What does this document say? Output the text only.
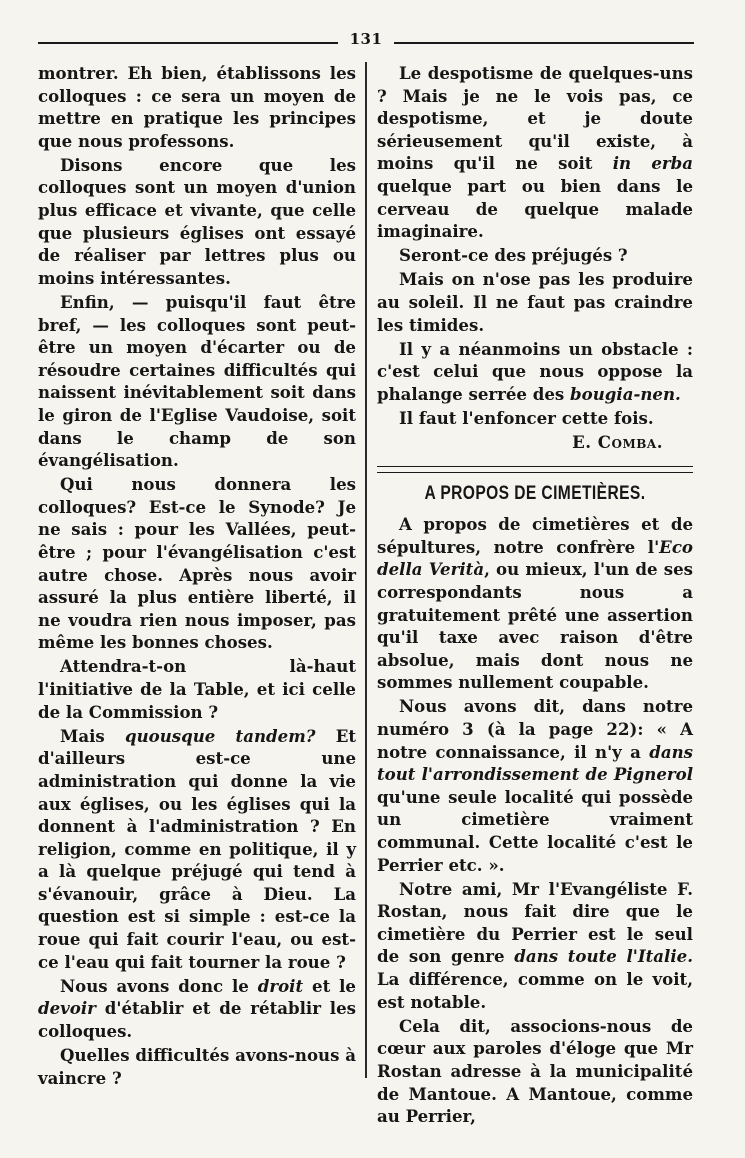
131

montrer. Eh bien, établissons les colloques : ce sera un moyen de mettre en pratique les principes que nous professons.

Disons encore que les colloques sont un moyen d'union plus efficace et vivante, que celle que plusieurs églises ont essayé de réaliser par lettres plus ou moins intéressantes.

Enfin, — puisqu'il faut être bref, — les colloques sont peut-être un moyen d'écarter ou de résoudre certaines difficultés qui naissent inévitablement soit dans le giron de l'Eglise Vaudoise, soit dans le champ de son évangélisation.

Qui nous donnera les colloques? Est-ce le Synode? Je ne sais : pour les Vallées, peut-être ; pour l'évangélisation c'est autre chose. Après nous avoir assuré la plus entière liberté, il ne voudra rien nous imposer, pas même les bonnes choses.

Attendra-t-on là-haut l'initiative de la Table, et ici celle de la Commission ?

Mais quousque tandem? Et d'ailleurs est-ce une administration qui donne la vie aux églises, ou les églises qui la donnent à l'administration ? En religion, comme en politique, il y a là quelque préjugé qui tend à s'évanouir, grâce à Dieu. La question est si simple : est-ce la roue qui fait courir l'eau, ou est-ce l'eau qui fait tourner la roue ?

Nous avons donc le droit et le devoir d'établir et de rétablir les colloques.

Quelles difficultés avons-nous à vaincre ?

Le despotisme de quelques-uns ? Mais je ne le vois pas, ce despotisme, et je doute sérieusement qu'il existe, à moins qu'il ne soit in erba quelque part ou bien dans le cerveau de quelque malade imaginaire.

Seront-ce des préjugés ?

Mais on n'ose pas les produire au soleil. Il ne faut pas craindre les timides.

Il y a néanmoins un obstacle : c'est celui que nous oppose la phalange serrée des bougia-nen.

Il faut l'enfoncer cette fois.

E. Comba.

A PROPOS DE CIMETIÈRES.

A propos de cimetières et de sépultures, notre confrère l'Eco della Verità, ou mieux, l'un de ses correspondants nous a gratuitement prêté une assertion qu'il taxe avec raison d'être absolue, mais dont nous ne sommes nullement coupable.

Nous avons dit, dans notre numéro 3 (à la page 22): « A notre connaissance, il n'y a dans tout l'arrondissement de Pignerol qu'une seule localité qui possède un cimetière vraiment communal. Cette localité c'est le Perrier etc. ».

Notre ami, Mr l'Evangéliste F. Rostan, nous fait dire que le cimetière du Perrier est le seul de son genre dans toute l'Italie. La différence, comme on le voit, est notable.

Cela dit, associons-nous de cœur aux paroles d'éloge que Mr Rostan adresse à la municipalité de Mantoue. A Mantoue, comme au Perrier,
